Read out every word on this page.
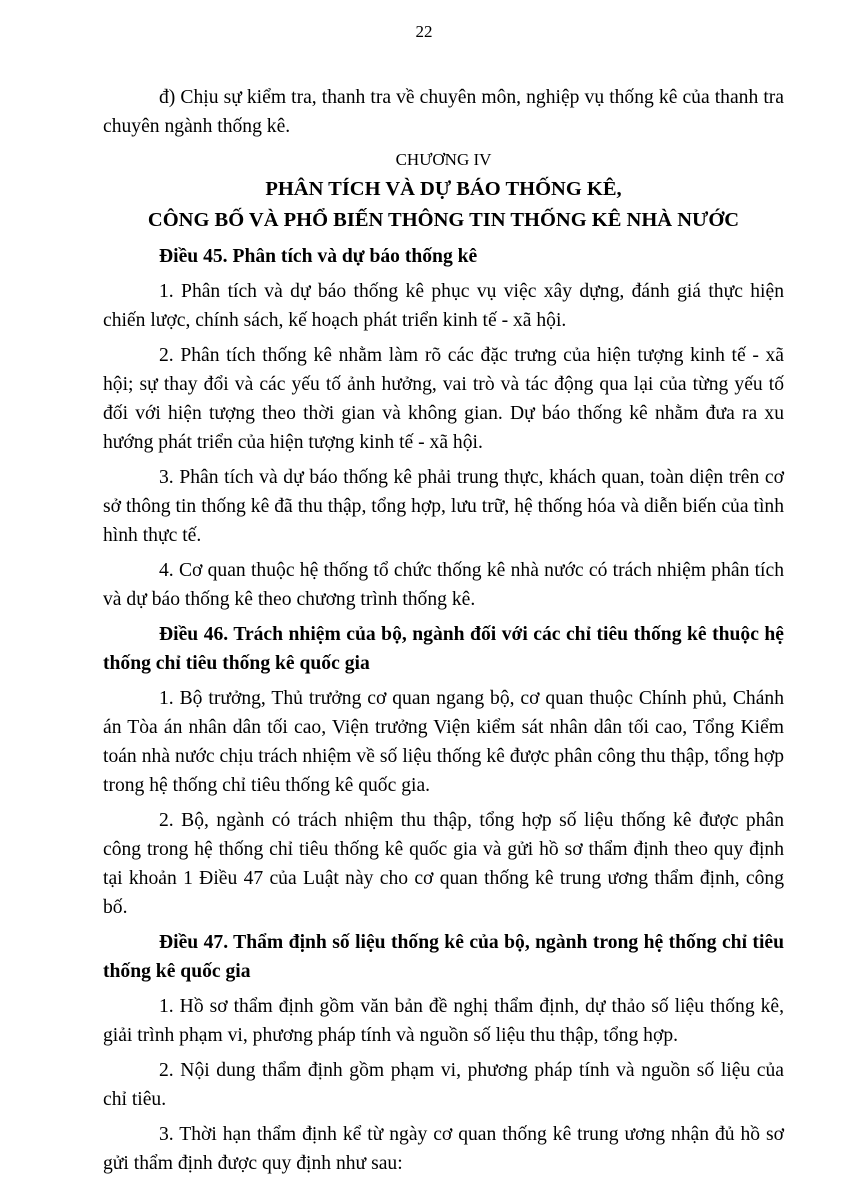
22

đ) Chịu sự kiểm tra, thanh tra về chuyên môn, nghiệp vụ thống kê của thanh tra chuyên ngành thống kê.

CHƯƠNG IV
PHÂN TÍCH VÀ DỰ BÁO THỐNG KÊ,
CÔNG BỐ VÀ PHỔ BIẾN THÔNG TIN THỐNG KÊ NHÀ NƯỚC
Điều 45. Phân tích và dự báo thống kê

1. Phân tích và dự báo thống kê phục vụ việc xây dựng, đánh giá thực hiện chiến lược, chính sách, kế hoạch phát triển kinh tế - xã hội.

2. Phân tích thống kê nhằm làm rõ các đặc trưng của hiện tượng kinh tế - xã hội; sự thay đổi và các yếu tố ảnh hưởng, vai trò và tác động qua lại của từng yếu tố đối với hiện tượng theo thời gian và không gian. Dự báo thống kê nhằm đưa ra xu hướng phát triển của hiện tượng kinh tế - xã hội.

3. Phân tích và dự báo thống kê phải trung thực, khách quan, toàn diện trên cơ sở thông tin thống kê đã thu thập, tổng hợp, lưu trữ, hệ thống hóa và diễn biến của tình hình thực tế.

4. Cơ quan thuộc hệ thống tổ chức thống kê nhà nước có trách nhiệm phân tích và dự báo thống kê theo chương trình thống kê.

Điều 46. Trách nhiệm của bộ, ngành đối với các chỉ tiêu thống kê thuộc hệ thống chỉ tiêu thống kê quốc gia

1. Bộ trưởng, Thủ trưởng cơ quan ngang bộ, cơ quan thuộc Chính phủ, Chánh án Tòa án nhân dân tối cao, Viện trưởng Viện kiểm sát nhân dân tối cao, Tổng Kiểm toán nhà nước chịu trách nhiệm về số liệu thống kê được phân công thu thập, tổng hợp trong hệ thống chỉ tiêu thống kê quốc gia.

2. Bộ, ngành có trách nhiệm thu thập, tổng hợp số liệu thống kê được phân công trong hệ thống chỉ tiêu thống kê quốc gia và gửi hồ sơ thẩm định theo quy định tại khoản 1 Điều 47 của Luật này cho cơ quan thống kê trung ương thẩm định, công bố.

Điều 47. Thẩm định số liệu thống kê của bộ, ngành trong hệ thống chỉ tiêu thống kê quốc gia

1. Hồ sơ thẩm định gồm văn bản đề nghị thẩm định, dự thảo số liệu thống kê, giải trình phạm vi, phương pháp tính và nguồn số liệu thu thập, tổng hợp.

2. Nội dung thẩm định gồm phạm vi, phương pháp tính và nguồn số liệu của chỉ tiêu.

3. Thời hạn thẩm định kể từ ngày cơ quan thống kê trung ương nhận đủ hồ sơ gửi thẩm định được quy định như sau:
